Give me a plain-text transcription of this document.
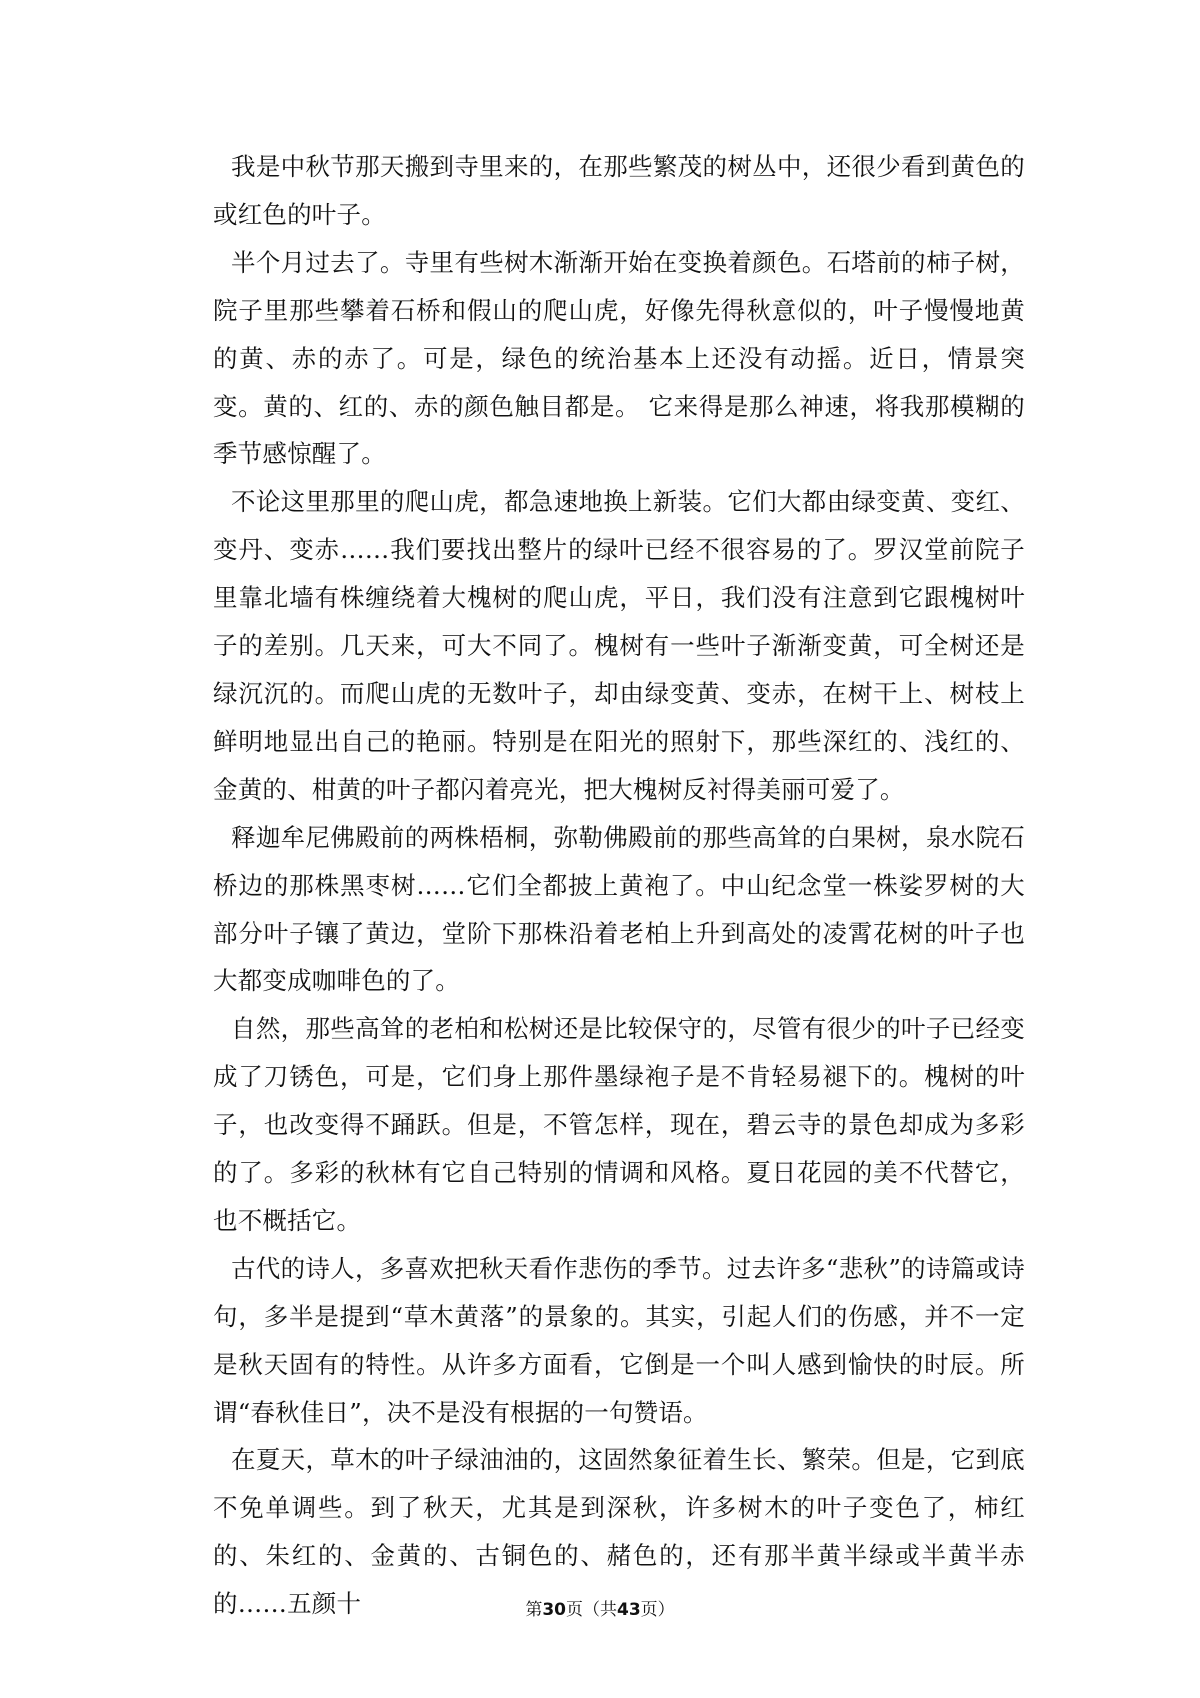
我是中秋节那天搬到寺里来的，在那些繁茂的树丛中，还很少看到黄色的或红色的叶子。

半个月过去了。寺里有些树木渐渐开始在变换着颜色。石塔前的柿子树，院子里那些攀着石桥和假山的爬山虎，好像先得秋意似的，叶子慢慢地黄的黄、赤的赤了。可是，绿色的统治基本上还没有动摇。近日，情景突变。黄的、红的、赤的颜色触目都是。 它来得是那么神速，将我那模糊的季节感惊醒了。

不论这里那里的爬山虎，都急速地换上新装。它们大都由绿变黄、变红、变丹、变赤……我们要找出整片的绿叶已经不很容易的了。罗汉堂前院子里靠北墙有株缠绕着大槐树的爬山虎，平日，我们没有注意到它跟槐树叶子的差别。几天来，可大不同了。槐树有一些叶子渐渐变黄，可全树还是绿沉沉的。而爬山虎的无数叶子，却由绿变黄、变赤，在树干上、树枝上鲜明地显出自己的艳丽。特别是在阳光的照射下，那些深红的、浅红的、金黄的、柑黄的叶子都闪着亮光，把大槐树反衬得美丽可爱了。

释迦牟尼佛殿前的两株梧桐，弥勒佛殿前的那些高耸的白果树，泉水院石桥边的那株黑枣树……它们全都披上黄袍了。中山纪念堂一株娑罗树的大部分叶子镶了黄边，堂阶下那株沿着老柏上升到高处的凌霄花树的叶子也大都变成咖啡色的了。

自然，那些高耸的老柏和松树还是比较保守的，尽管有很少的叶子已经变成了刀锈色，可是，它们身上那件墨绿袍子是不肯轻易褪下的。槐树的叶子，也改变得不踊跃。但是，不管怎样，现在，碧云寺的景色却成为多彩的了。多彩的秋林有它自己特别的情调和风格。夏日花园的美不代替它，也不概括它。

古代的诗人，多喜欢把秋天看作悲伤的季节。过去许多“悲秋”的诗篇或诗句，多半是提到“草木黄落”的景象的。其实，引起人们的伤感，并不一定是秋天固有的特性。从许多方面看，它倒是一个叫人感到愉快的时辰。所谓“春秋佳日”，决不是没有根据的一句赞语。

在夏天，草木的叶子绿油油的，这固然象征着生长、繁荣。但是，它到底不免单调些。到了秋天，尤其是到深秋，许多树木的叶子变色了，柿红的、朱红的、金黄的、古铜色的、赭色的，还有那半黄半绿或半黄半赤的……五颜十	第30页（共43页）
